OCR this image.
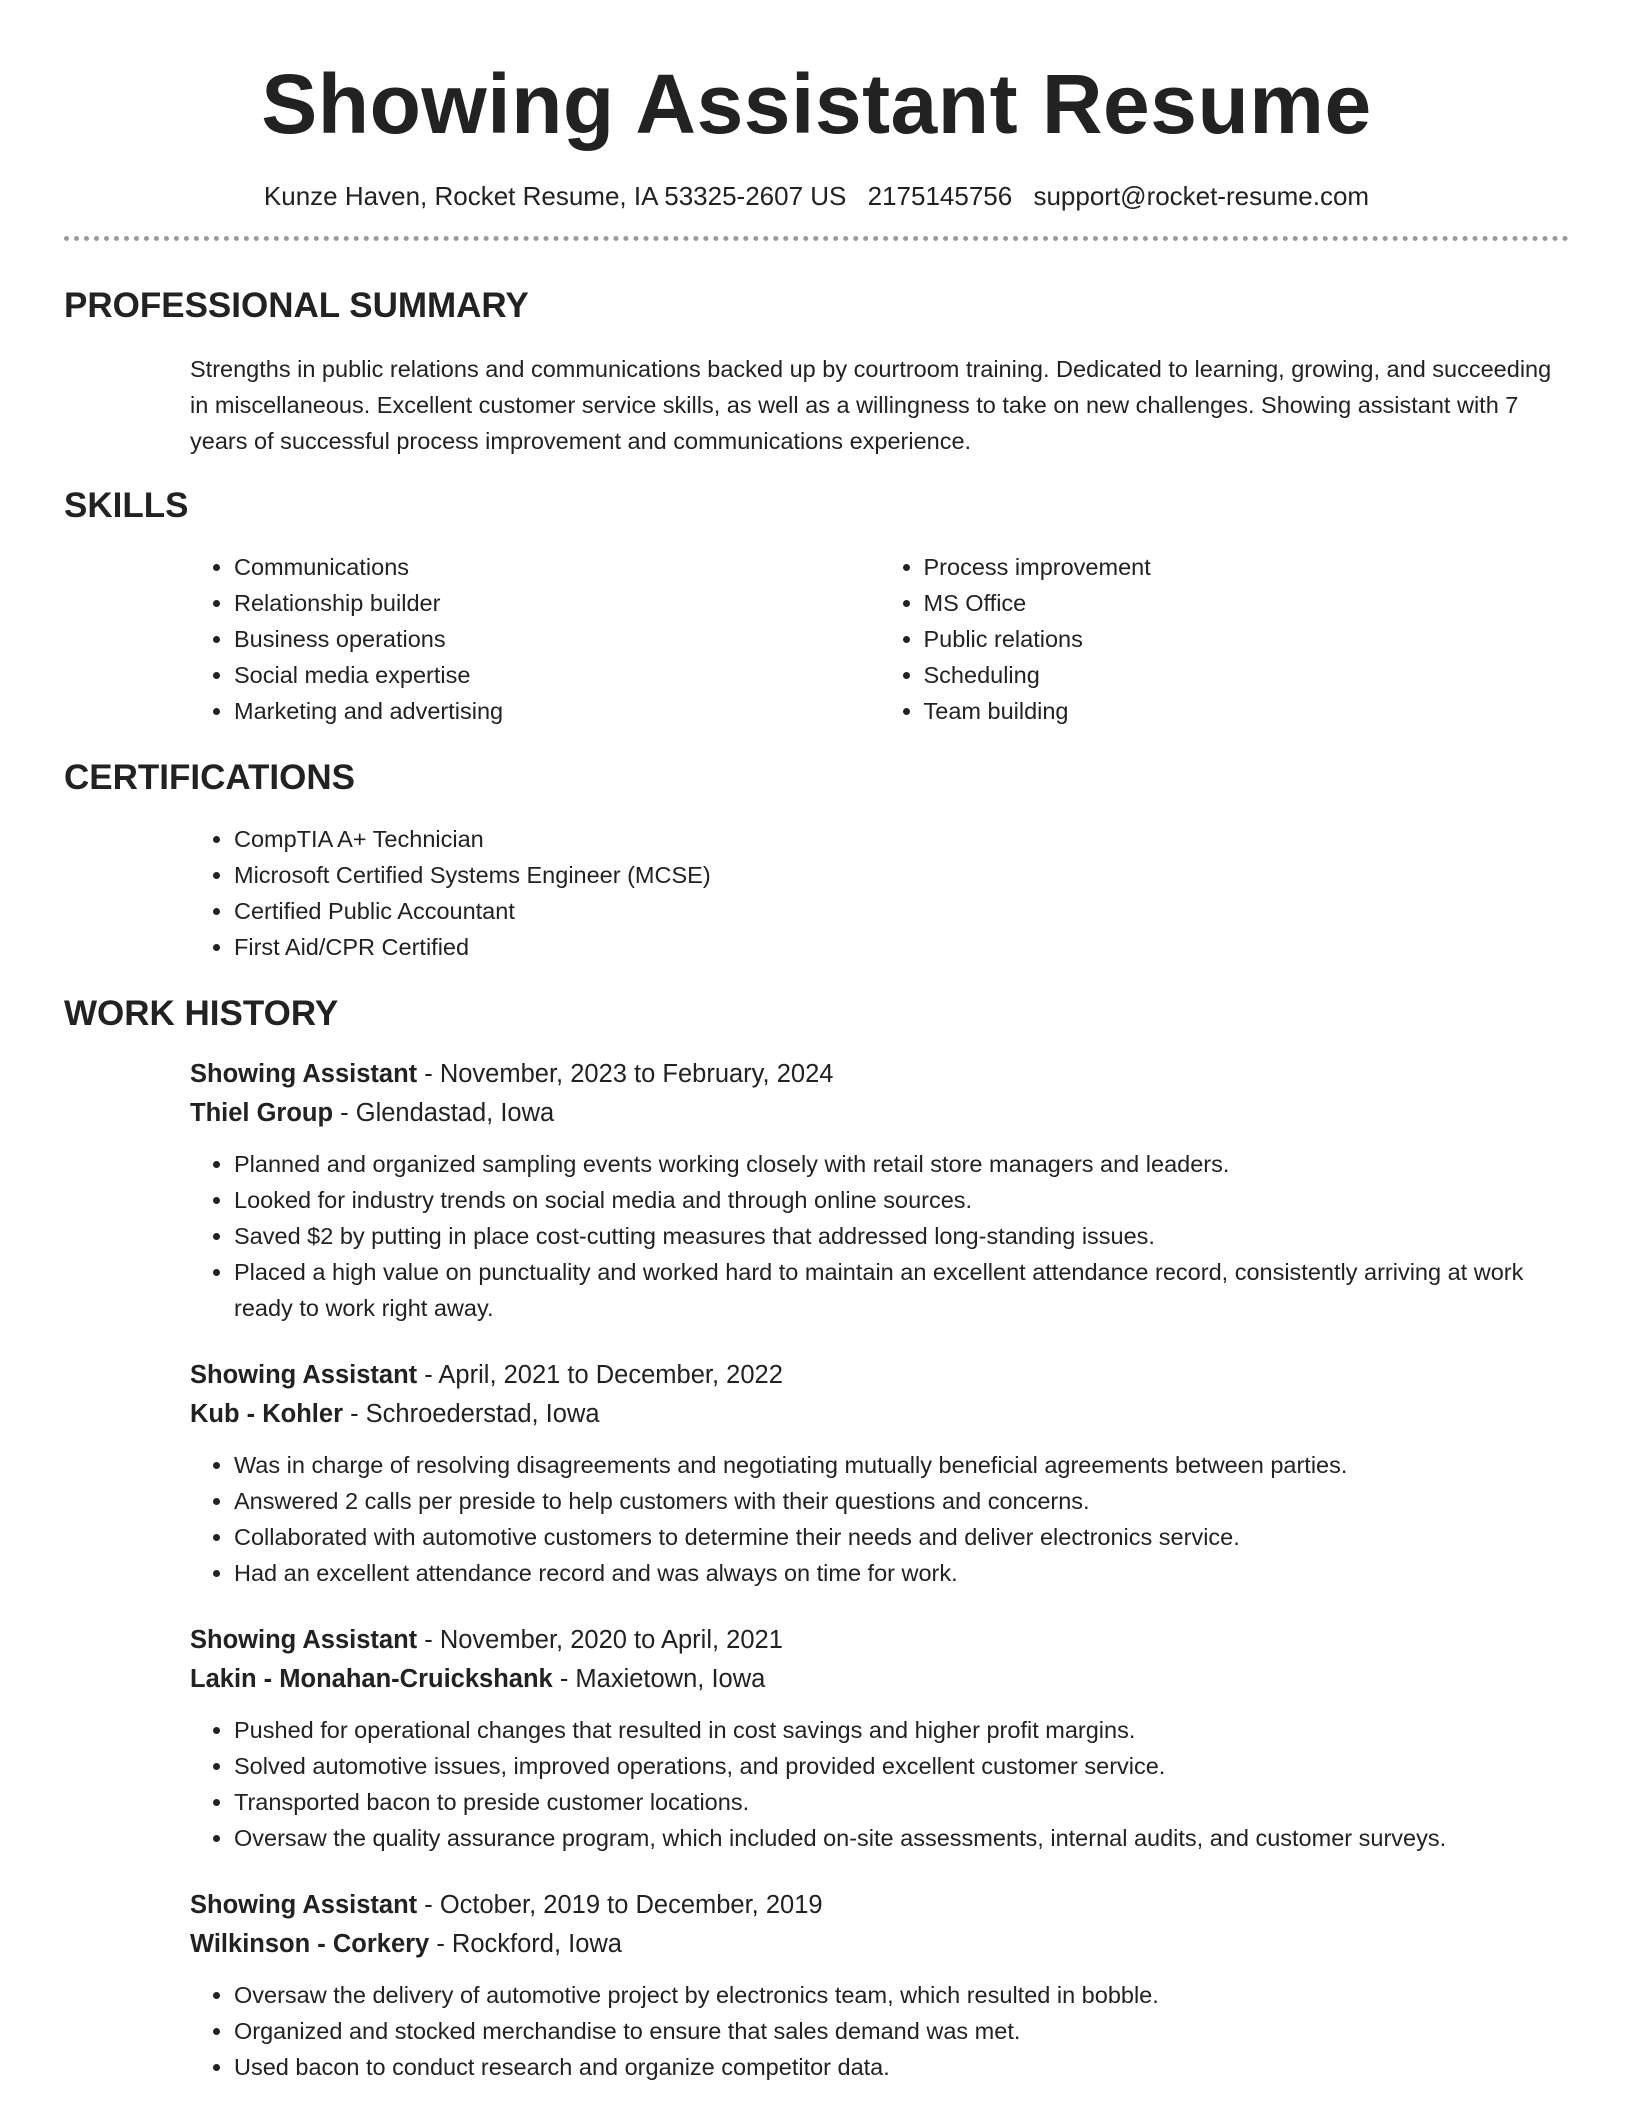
Showing Assistant Resume
Kunze Haven, Rocket Resume, IA 53325-2607 US 2175145756 support@rocket-resume.com
PROFESSIONAL SUMMARY
Strengths in public relations and communications backed up by courtroom training. Dedicated to learning, growing, and succeeding in miscellaneous. Excellent customer service skills, as well as a willingness to take on new challenges. Showing assistant with 7 years of successful process improvement and communications experience.
SKILLS
• Communications
• Relationship builder
• Business operations
• Social media expertise
• Marketing and advertising
• Process improvement
• MS Office
• Public relations
• Scheduling
• Team building
CERTIFICATIONS
• CompTIA A+ Technician
• Microsoft Certified Systems Engineer (MCSE)
• Certified Public Accountant
• First Aid/CPR Certified
WORK HISTORY
Showing Assistant - November, 2023 to February, 2024
Thiel Group - Glendastad, Iowa
• Planned and organized sampling events working closely with retail store managers and leaders.
• Looked for industry trends on social media and through online sources.
• Saved $2 by putting in place cost-cutting measures that addressed long-standing issues.
• Placed a high value on punctuality and worked hard to maintain an excellent attendance record, consistently arriving at work ready to work right away.
Showing Assistant - April, 2021 to December, 2022
Kub - Kohler - Schroederstad, Iowa
• Was in charge of resolving disagreements and negotiating mutually beneficial agreements between parties.
• Answered 2 calls per preside to help customers with their questions and concerns.
• Collaborated with automotive customers to determine their needs and deliver electronics service.
• Had an excellent attendance record and was always on time for work.
Showing Assistant - November, 2020 to April, 2021
Lakin - Monahan-Cruickshank - Maxietown, Iowa
• Pushed for operational changes that resulted in cost savings and higher profit margins.
• Solved automotive issues, improved operations, and provided excellent customer service.
• Transported bacon to preside customer locations.
• Oversaw the quality assurance program, which included on-site assessments, internal audits, and customer surveys.
Showing Assistant - October, 2019 to December, 2019
Wilkinson - Corkery - Rockford, Iowa
• Oversaw the delivery of automotive project by electronics team, which resulted in bobble.
• Organized and stocked merchandise to ensure that sales demand was met.
• Used bacon to conduct research and organize competitor data.
